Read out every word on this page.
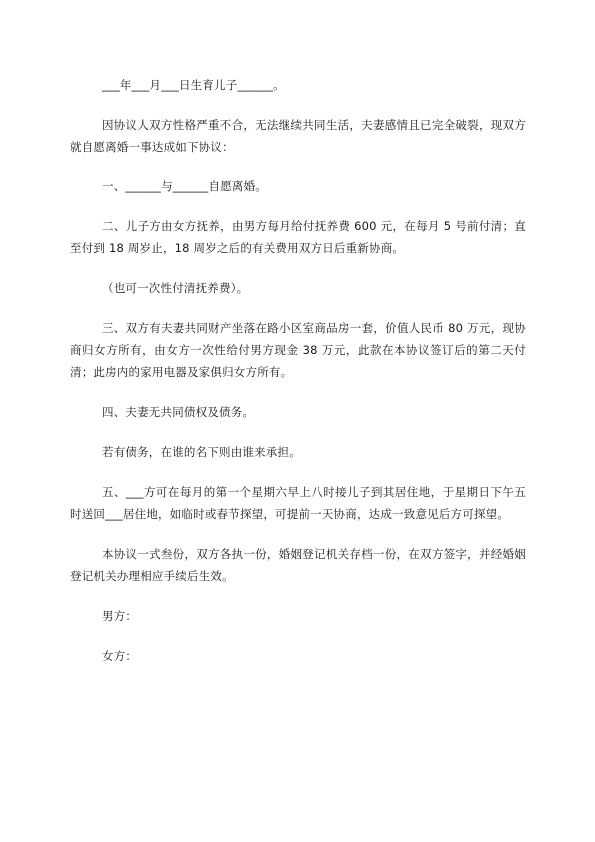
___年___月___日生育儿子______。

因协议人双方性格严重不合，无法继续共同生活，夫妻感情且已完全破裂，现双方就自愿离婚一事达成如下协议：

一、______与______自愿离婚。

二、儿子方由女方抚养，由男方每月给付抚养费 600 元，在每月 5 号前付清；直至付到 18 周岁止，18 周岁之后的有关费用双方日后重新协商。

（也可一次性付清抚养费）。

三、双方有夫妻共同财产坐落在路小区室商品房一套，价值人民币 80 万元，现协商归女方所有，由女方一次性给付男方现金 38 万元，此款在本协议签订后的第二天付清；此房内的家用电器及家俱归女方所有。

四、夫妻无共同债权及债务。

若有债务，在谁的名下则由谁来承担。

五、___方可在每月的第一个星期六早上八时接儿子到其居住地，于星期日下午五时送回___居住地，如临时或春节探望，可提前一天协商，达成一致意见后方可探望。

本协议一式叁份，双方各执一份，婚姻登记机关存档一份，在双方签字，并经婚姻登记机关办理相应手续后生效。

男方：

女方：
